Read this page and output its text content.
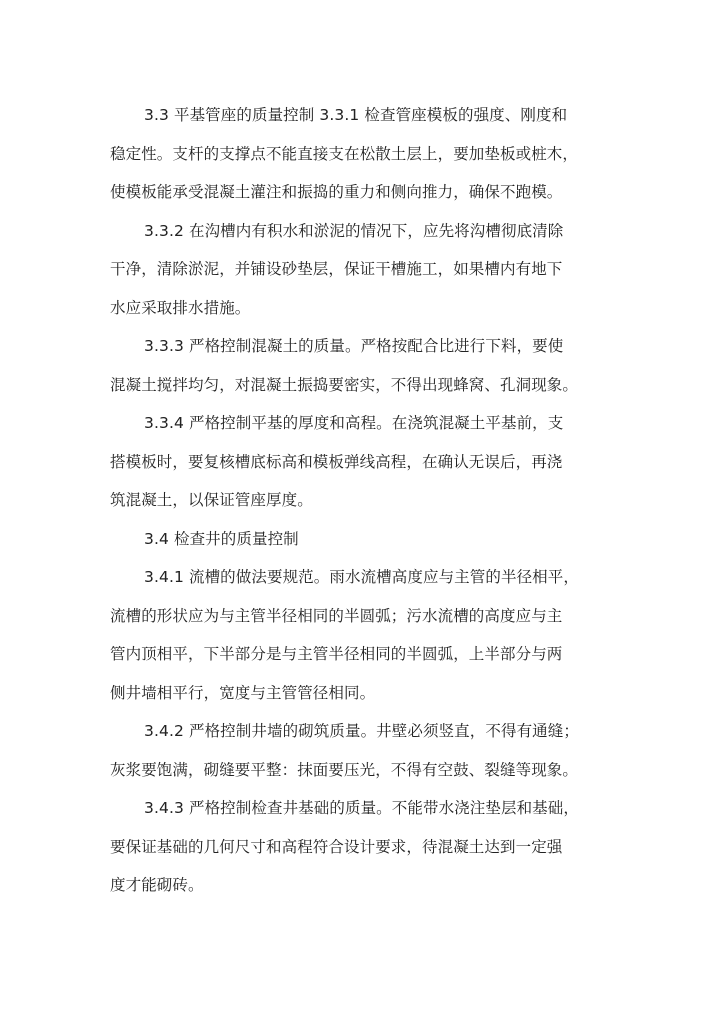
3.3 平基管座的质量控制 3.3.1 检查管座模板的强度、刚度和
稳定性。支杆的支撑点不能直接支在松散土层上，要加垫板或桩木，
使模板能承受混凝土灌注和振捣的重力和侧向推力，确保不跑模。
3.3.2 在沟槽内有积水和淤泥的情况下，应先将沟槽彻底清除
干净，清除淤泥，并铺设砂垫层，保证干槽施工，如果槽内有地下
水应采取排水措施。
3.3.3 严格控制混凝土的质量。严格按配合比进行下料，要使
混凝土搅拌均匀，对混凝土振捣要密实，不得出现蜂窝、孔洞现象。
3.3.4 严格控制平基的厚度和高程。在浇筑混凝土平基前，支
搭模板时，要复核槽底标高和模板弹线高程，在确认无误后，再浇
筑混凝土，以保证管座厚度。
3.4 检查井的质量控制
3.4.1 流槽的做法要规范。雨水流槽高度应与主管的半径相平，
流槽的形状应为与主管半径相同的半圆弧；污水流槽的高度应与主
管内顶相平，下半部分是与主管半径相同的半圆弧，上半部分与两
侧井墙相平行，宽度与主管管径相同。
3.4.2 严格控制井墙的砌筑质量。井壁必须竖直，不得有通缝；
灰浆要饱满，砌缝要平整：抹面要压光，不得有空鼓、裂缝等现象。
3.4.3 严格控制检查井基础的质量。不能带水浇注垫层和基础，
要保证基础的几何尺寸和高程符合设计要求，待混凝土达到一定强
度才能砌砖。
